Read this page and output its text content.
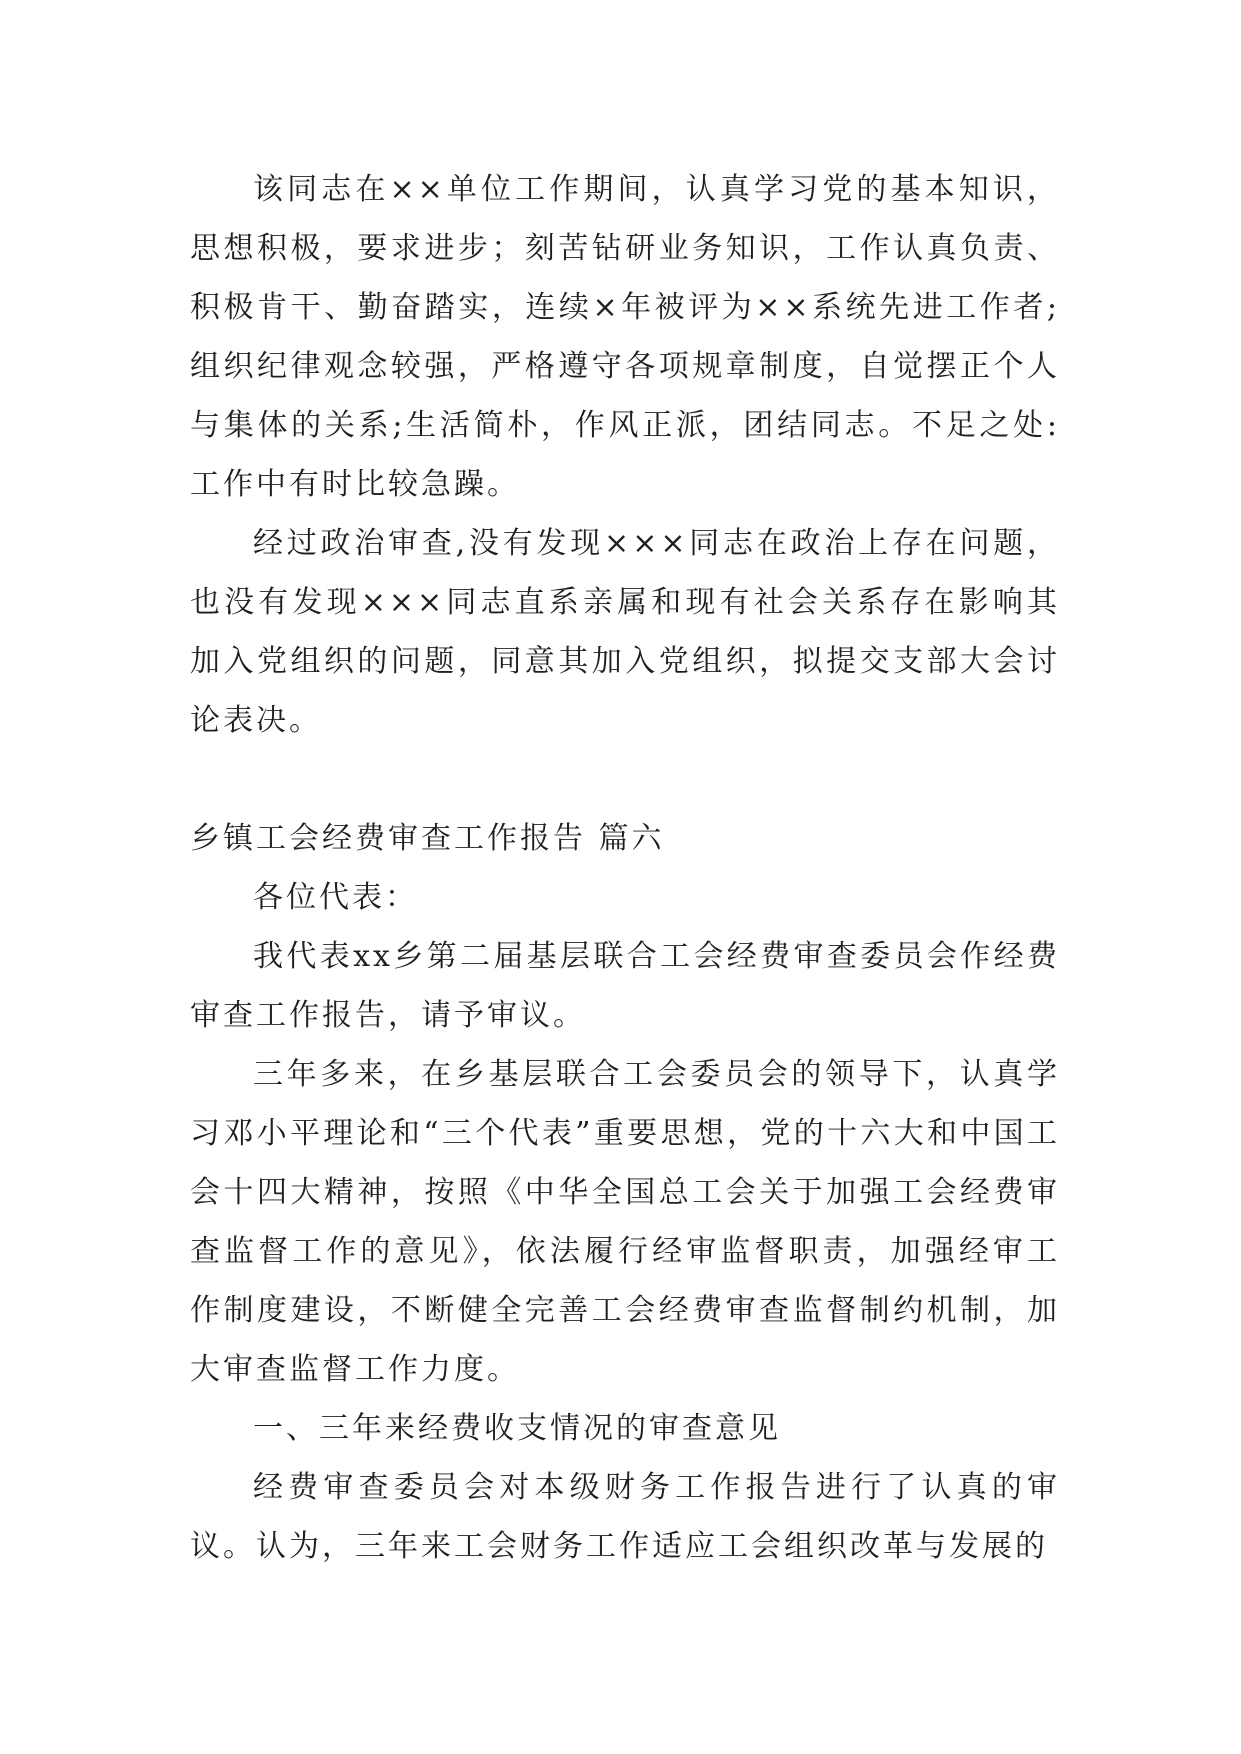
该同志在××单位工作期间，认真学习党的基本知识，思想积极，要求进步；刻苦钻研业务知识，工作认真负责、积极肯干、勤奋踏实，连续×年被评为××系统先进工作者;组织纪律观念较强，严格遵守各项规章制度，自觉摆正个人与集体的关系;生活简朴，作风正派，团结同志。不足之处:工作中有时比较急躁。

经过政治审查,没有发现×××同志在政治上存在问题，也没有发现×××同志直系亲属和现有社会关系存在影响其加入党组织的问题，同意其加入党组织，拟提交支部大会讨论表决。

乡镇工会经费审查工作报告 篇六

各位代表：

我代表xx乡第二届基层联合工会经费审查委员会作经费审查工作报告，请予审议。

三年多来，在乡基层联合工会委员会的领导下，认真学习邓小平理论和“三个代表”重要思想，党的十六大和中国工会十四大精神，按照《中华全国总工会关于加强工会经费审查监督工作的意见》，依法履行经审监督职责，加强经审工作制度建设，不断健全完善工会经费审查监督制约机制，加大审查监督工作力度。

一、三年来经费收支情况的审查意见

经费审查委员会对本级财务工作报告进行了认真的审议。认为，三年来工会财务工作适应工会组织改革与发展的
